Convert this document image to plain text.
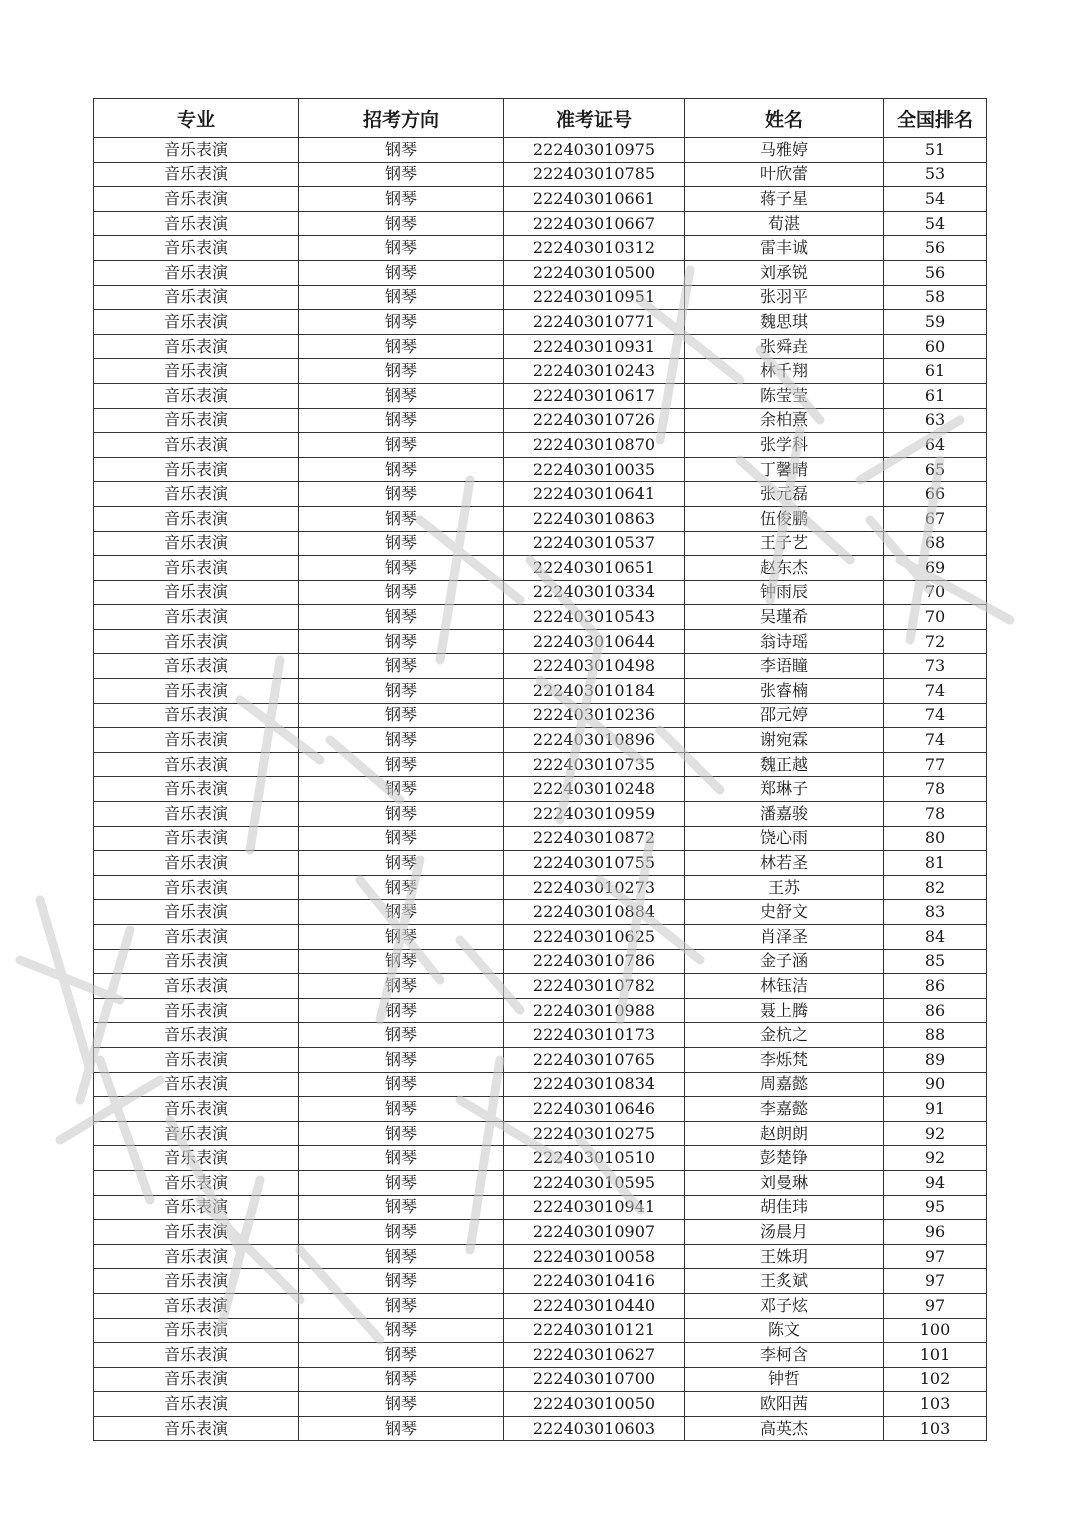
专业	招考方向	准考证号	姓名	全国排名
音乐表演	钢琴	222403010975	马雅婷	51
音乐表演	钢琴	222403010785	叶欣蕾	53
音乐表演	钢琴	222403010661	蒋子星	54
音乐表演	钢琴	222403010667	荀湛	54
音乐表演	钢琴	222403010312	雷丰诚	56
音乐表演	钢琴	222403010500	刘承锐	56
音乐表演	钢琴	222403010951	张羽平	58
音乐表演	钢琴	222403010771	魏思琪	59
音乐表演	钢琴	222403010931	张舜垚	60
音乐表演	钢琴	222403010243	林千翔	61
音乐表演	钢琴	222403010617	陈莹莹	61
音乐表演	钢琴	222403010726	余柏熹	63
音乐表演	钢琴	222403010870	张学科	64
音乐表演	钢琴	222403010035	丁馨晴	65
音乐表演	钢琴	222403010641	张元磊	66
音乐表演	钢琴	222403010863	伍俊鹏	67
音乐表演	钢琴	222403010537	王子艺	68
音乐表演	钢琴	222403010651	赵东杰	69
音乐表演	钢琴	222403010334	钟雨辰	70
音乐表演	钢琴	222403010543	吴瑾希	70
音乐表演	钢琴	222403010644	翁诗瑶	72
音乐表演	钢琴	222403010498	李语瞳	73
音乐表演	钢琴	222403010184	张睿楠	74
音乐表演	钢琴	222403010236	邵元婷	74
音乐表演	钢琴	222403010896	谢宛霖	74
音乐表演	钢琴	222403010735	魏正越	77
音乐表演	钢琴	222403010248	郑琳子	78
音乐表演	钢琴	222403010959	潘嘉骏	78
音乐表演	钢琴	222403010872	饶心雨	80
音乐表演	钢琴	222403010755	林若圣	81
音乐表演	钢琴	222403010273	王苏	82
音乐表演	钢琴	222403010884	史舒文	83
音乐表演	钢琴	222403010625	肖泽圣	84
音乐表演	钢琴	222403010786	金子涵	85
音乐表演	钢琴	222403010782	林钰洁	86
音乐表演	钢琴	222403010988	聂上腾	86
音乐表演	钢琴	222403010173	金杭之	88
音乐表演	钢琴	222403010765	李烁梵	89
音乐表演	钢琴	222403010834	周嘉懿	90
音乐表演	钢琴	222403010646	李嘉懿	91
音乐表演	钢琴	222403010275	赵朗朗	92
音乐表演	钢琴	222403010510	彭楚铮	92
音乐表演	钢琴	222403010595	刘曼琳	94
音乐表演	钢琴	222403010941	胡佳玮	95
音乐表演	钢琴	222403010907	汤晨月	96
音乐表演	钢琴	222403010058	王姝玥	97
音乐表演	钢琴	222403010416	王炙斌	97
音乐表演	钢琴	222403010440	邓子炫	97
音乐表演	钢琴	222403010121	陈文	100
音乐表演	钢琴	222403010627	李柯含	101
音乐表演	钢琴	222403010700	钟哲	102
音乐表演	钢琴	222403010050	欧阳茜	103
音乐表演	钢琴	222403010603	高英杰	103
